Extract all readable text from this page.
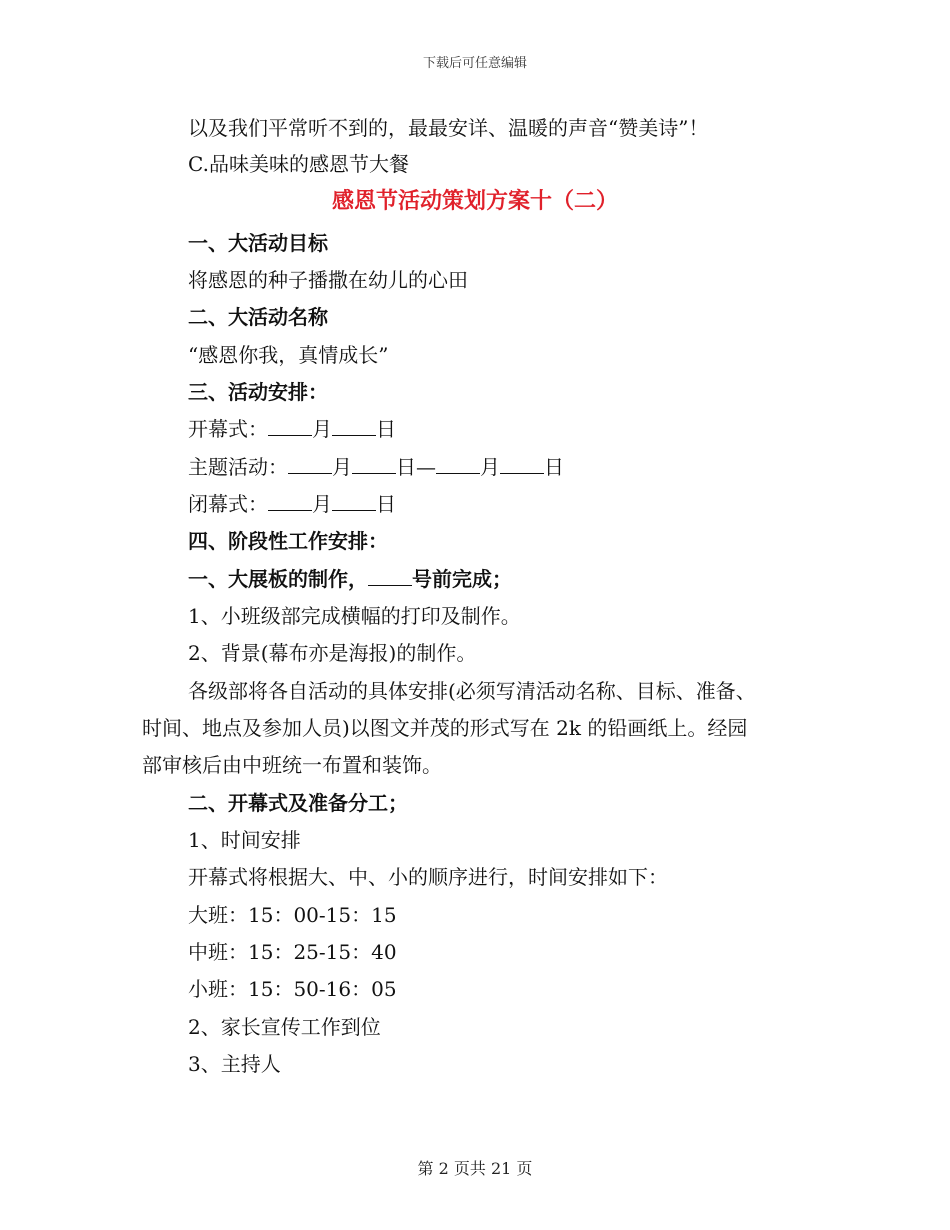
下载后可任意编辑
以及我们平常听不到的，最最安详、温暖的声音“赞美诗”！
C.品味美味的感恩节大餐
感恩节活动策划方案十（二）
一、大活动目标
将感恩的种子播撒在幼儿的心田
二、大活动名称
“感恩你我，真情成长”
三、活动安排：
开幕式： 月 日
主题活动： 月 日— 月 日
闭幕式： 月 日
四、阶段性工作安排：
一、大展板的制作， 号前完成；
1、小班级部完成横幅的打印及制作。
2、背景(幕布亦是海报)的制作。
各级部将各自活动的具体安排(必须写清活动名称、目标、准备、
时间、地点及参加人员)以图文并茂的形式写在 2k 的铅画纸上。经园
部审核后由中班统一布置和装饰。
二、开幕式及准备分工；
1、时间安排
开幕式将根据大、中、小的顺序进行，时间安排如下：
大班：15：00-15：15
中班：15：25-15：40
小班：15：50-16：05
2、家长宣传工作到位
3、主持人
第 2 页共 21 页
